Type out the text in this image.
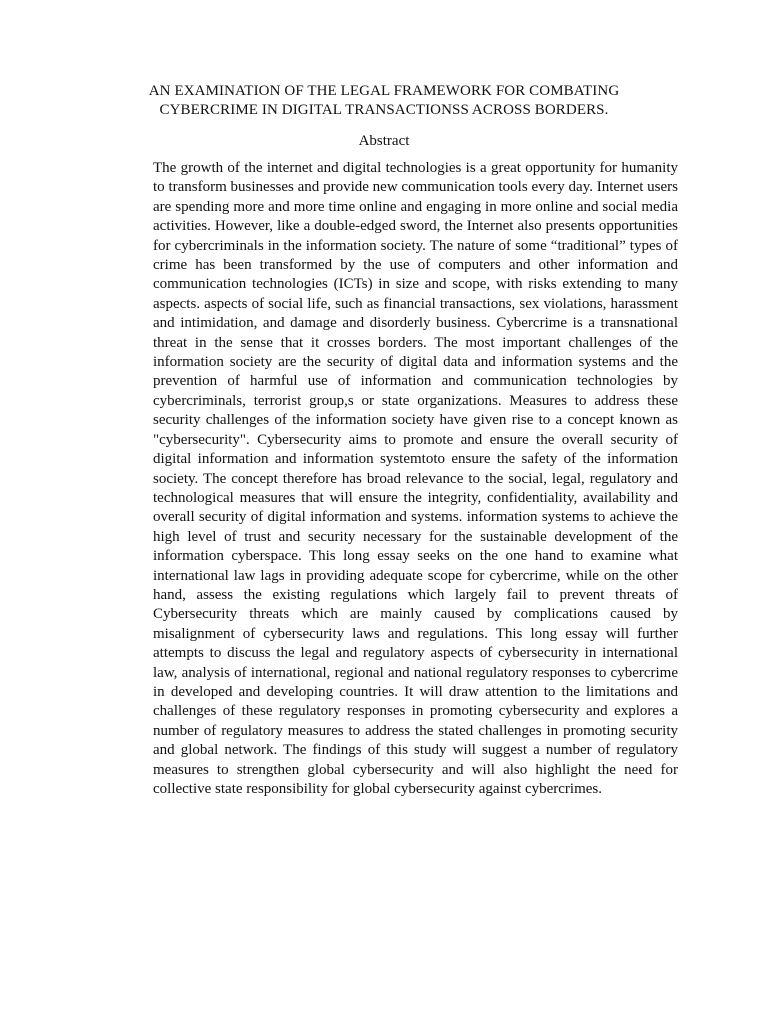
AN EXAMINATION OF THE LEGAL FRAMEWORK FOR COMBATING
CYBERCRIME IN DIGITAL TRANSACTIONSS ACROSS BORDERS.
Abstract
The growth of the internet and digital technologies is a great opportunity for humanity to transform businesses and provide new communication tools every day. Internet users are spending more and more time online and engaging in more online and social media activities. However, like a double-edged sword, the Internet also presents opportunities for cybercriminals in the information society. The nature of some “traditional” types of crime has been transformed by the use of computers and other information and communication technologies (ICTs) in size and scope, with risks extending to many aspects. aspects of social life, such as financial transactions, sex violations, harassment and intimidation, and damage and disorderly business. Cybercrime is a transnational threat in the sense that it crosses borders. The most important challenges of the information society are the security of digital data and information systems and the prevention of harmful use of information and communication technologies by cybercriminals, terrorist group,s or state organizations. Measures to address these security challenges of the information society have given rise to a concept known as "cybersecurity". Cybersecurity aims to promote and ensure the overall security of digital information and information systemtoto ensure the safety of the information society. The concept therefore has broad relevance to the social, legal, regulatory and technological measures that will ensure the integrity, confidentiality, availability and overall security of digital information and systems. information systems to achieve the high level of trust and security necessary for the sustainable development of the information cyberspace. This long essay seeks on the one hand to examine what international law lags in providing adequate scope for cybercrime, while on the other hand, assess the existing regulations which largely fail to prevent threats of Cybersecurity threats which are mainly caused by complications caused by misalignment of cybersecurity laws and regulations. This long essay will further attempts to discuss the legal and regulatory aspects of cybersecurity in international law, analysis of international, regional and national regulatory responses to cybercrime in developed and developing countries. It will draw attention to the limitations and challenges of these regulatory responses in promoting cybersecurity and explores a number of regulatory measures to address the stated challenges in promoting security and global network. The findings of this study will suggest a number of regulatory measures to strengthen global cybersecurity and will also highlight the need for collective state responsibility for global cybersecurity against cybercrimes.
